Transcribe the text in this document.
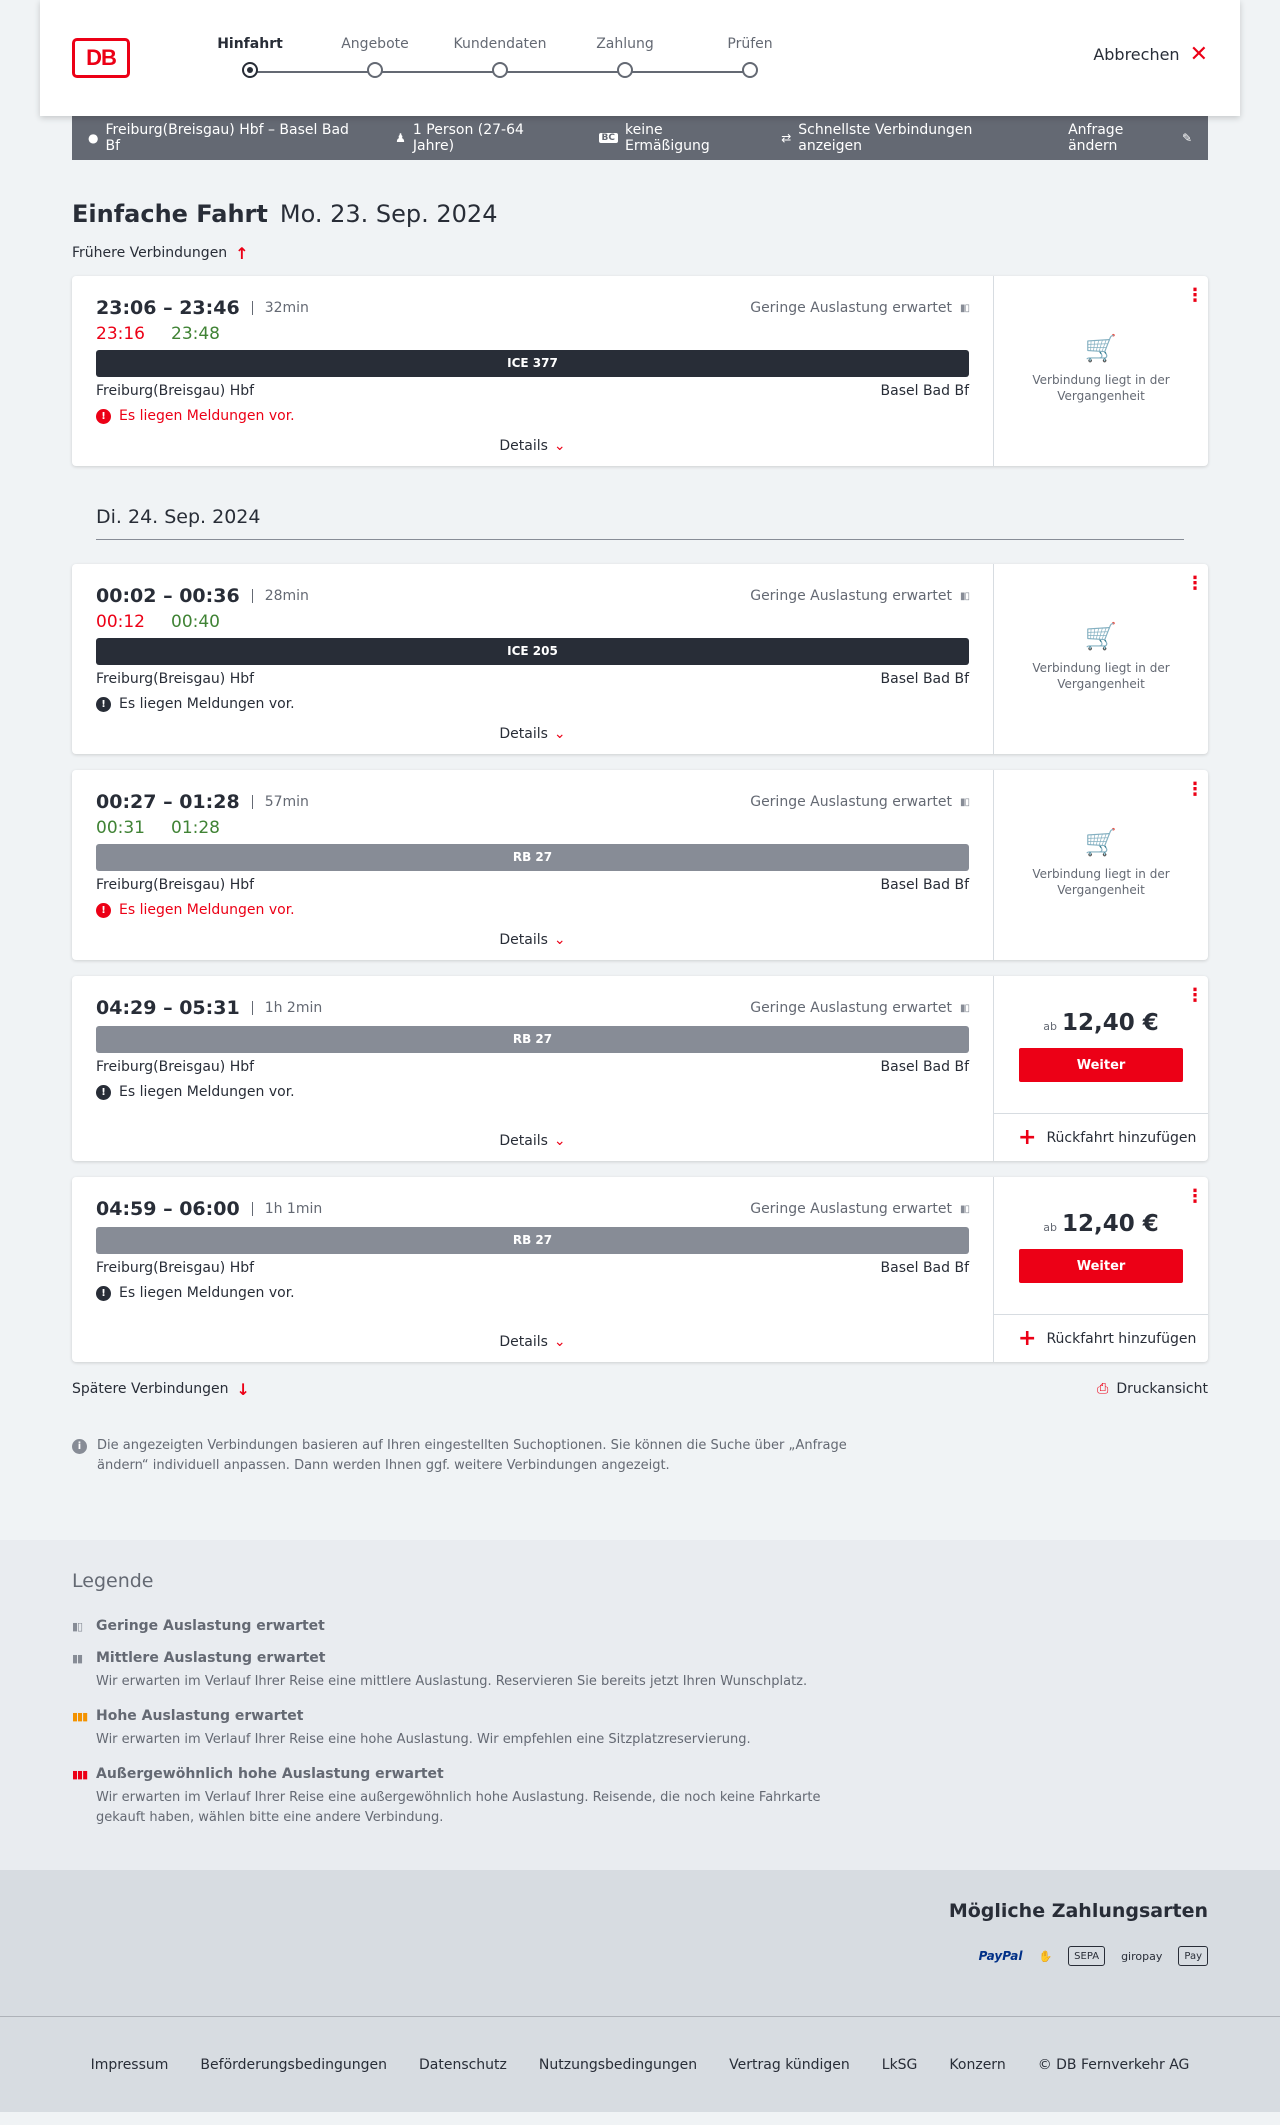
DB
Hinfahrt	Angebote	Kundendaten	Zahlung	Prüfen
Abbrechen ✕
● Freiburg(Breisgau) Hbf – Basel Bad Bf	♟ 1 Person (27-64 Jahre)	BC keine Ermäßigung	⇄ Schnellste Verbindungen anzeigen
Anfrage ändern	✎
Einfache Fahrt Mo. 23. Sep. 2024
Frühere Verbindungen ↑
23:06 – 23:46	32min	Geringe Auslastung erwartet ▮▯
23:16 23:48
ICE 377
Freiburg(Breisgau) Hbf	Basel Bad Bf
! Es liegen Meldungen vor.
Details ⌄
⋮
🛒
Verbindung liegt in der Vergangenheit
Di. 24. Sep. 2024
00:02 – 00:36	28min	Geringe Auslastung erwartet ▮▯
00:12 00:40
ICE 205
Freiburg(Breisgau) Hbf	Basel Bad Bf
! Es liegen Meldungen vor.
Details ⌄
⋮
🛒
Verbindung liegt in der Vergangenheit
00:27 – 01:28	57min	Geringe Auslastung erwartet ▮▯
00:31 01:28
RB 27
Freiburg(Breisgau) Hbf	Basel Bad Bf
! Es liegen Meldungen vor.
Details ⌄
⋮
🛒
Verbindung liegt in der Vergangenheit
04:29 – 05:31	1h 2min	Geringe Auslastung erwartet ▮▯
RB 27
Freiburg(Breisgau) Hbf	Basel Bad Bf
! Es liegen Meldungen vor.
Details ⌄
⋮
ab 12,40 €
Weiter
+ Rückfahrt hinzufügen
04:59 – 06:00	1h 1min	Geringe Auslastung erwartet ▮▯
RB 27
Freiburg(Breisgau) Hbf	Basel Bad Bf
! Es liegen Meldungen vor.
Details ⌄
⋮
ab 12,40 €
Weiter
+ Rückfahrt hinzufügen
Spätere Verbindungen ↓	⎙ Druckansicht
i	Die angezeigten Verbindungen basieren auf Ihren eingestellten Suchoptionen. Sie können die Suche über „Anfrage ändern“ individuell anpassen. Dann werden Ihnen ggf. weitere Verbindungen angezeigt.
Legende
▮▯ Geringe Auslastung erwartet
▮▮ Mittlere Auslastung erwartet
Wir erwarten im Verlauf Ihrer Reise eine mittlere Auslastung. Reservieren Sie bereits jetzt Ihren Wunschplatz.
▮▮▮ Hohe Auslastung erwartet
Wir erwarten im Verlauf Ihrer Reise eine hohe Auslastung. Wir empfehlen eine Sitzplatzreservierung.
▮▮▮ Außergewöhnlich hohe Auslastung erwartet
Wir erwarten im Verlauf Ihrer Reise eine außergewöhnlich hohe Auslastung. Reisende, die noch keine Fahrkarte gekauft haben, wählen bitte eine andere Verbindung.
Mögliche Zahlungsarten
PayPal ✋	SEPA	giropay	Pay
Impressum Beförderungsbedingungen Datenschutz Nutzungsbedingungen Vertrag kündigen LkSG Konzern © DB Fernverkehr AG
